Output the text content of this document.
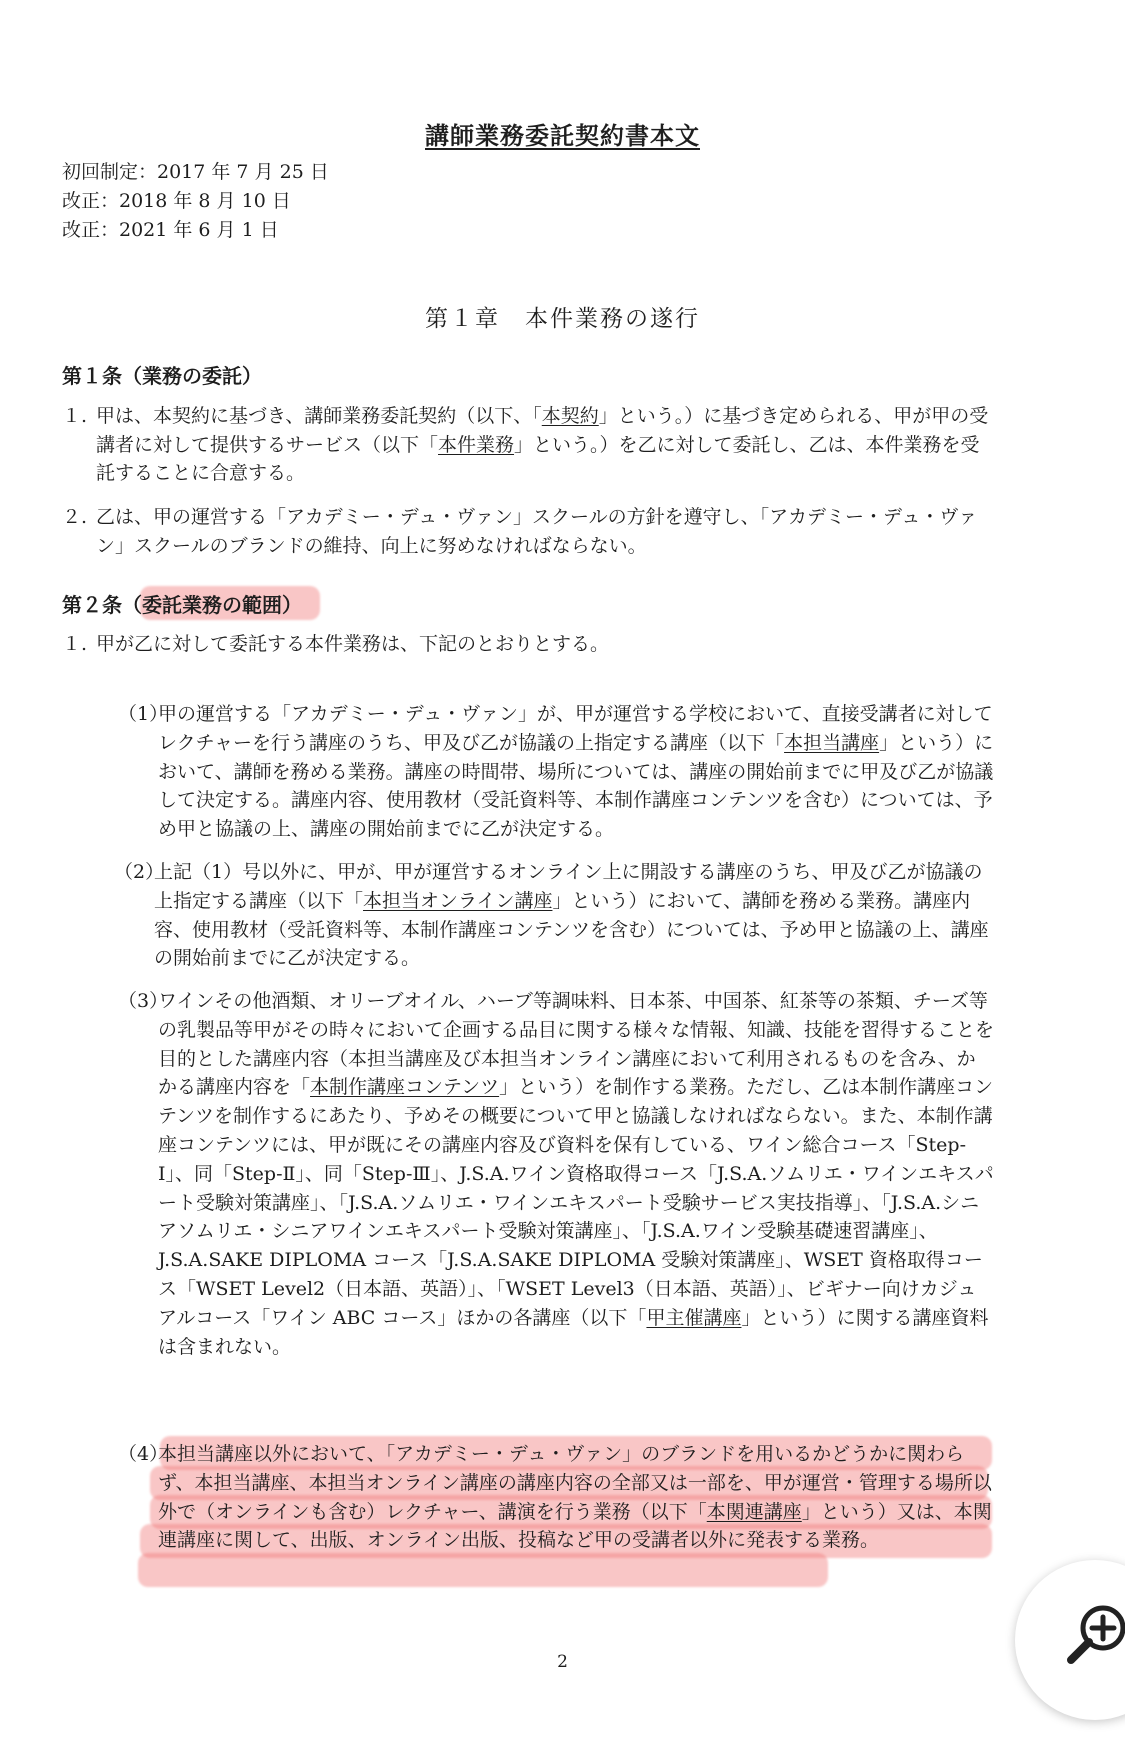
講師業務委託契約書本文
初回制定：2017 年 7 月 25 日
改正：2018 年 8 月 10 日
改正：2021 年 6 月 1 日
第１章　本件業務の遂行
第１条（業務の委託）
１. 甲は、本契約に基づき、講師業務委託契約（以下、「本契約」という。）に基づき定められる、甲が甲の受講者に対して提供するサービス（以下「本件業務」という。）を乙に対して委託し、乙は、本件業務を受託することに合意する。
２. 乙は、甲の運営する「アカデミー・デュ・ヴァン」スクールの方針を遵守し、「アカデミー・デュ・ヴァン」スクールのブランドの維持、向上に努めなければならない。
第２条（委託業務の範囲）
１. 甲が乙に対して委託する本件業務は、下記のとおりとする。
（1）
甲の運営する「アカデミー・デュ・ヴァン」が、甲が運営する学校において、直接受講者に対してレクチャーを行う講座のうち、甲及び乙が協議の上指定する講座（以下「本担当講座」という）において、講師を務める業務。講座の時間帯、場所については、講座の開始前までに甲及び乙が協議して決定する。講座内容、使用教材（受託資料等、本制作講座コンテンツを含む）については、予め甲と協議の上、講座の開始前までに乙が決定する。
（2）
上記（1）号以外に、甲が、甲が運営するオンライン上に開設する講座のうち、甲及び乙が協議の上指定する講座（以下「本担当オンライン講座」という）において、講師を務める業務。講座内容、使用教材（受託資料等、本制作講座コンテンツを含む）については、予め甲と協議の上、講座の開始前までに乙が決定する。
（3）
ワインその他酒類、オリーブオイル、ハーブ等調味料、日本茶、中国茶、紅茶等の茶類、チーズ等の乳製品等甲がその時々において企画する品目に関する様々な情報、知識、技能を習得することを目的とした講座内容（本担当講座及び本担当オンライン講座において利用されるものを含み、かかる講座内容を「本制作講座コンテンツ」という）を制作する業務。ただし、乙は本制作講座コンテンツを制作するにあたり、予めその概要について甲と協議しなければならない。また、本制作講座コンテンツには、甲が既にその講座内容及び資料を保有している、ワイン総合コース「Step-Ⅰ」、同「Step-Ⅱ」、同「Step-Ⅲ」、J.S.A.ワイン資格取得コース「J.S.A.ソムリエ・ワインエキスパート受験対策講座」、「J.S.A.ソムリエ・ワインエキスパート受験サービス実技指導」、「J.S.A.シニアソムリエ・シニアワインエキスパート受験対策講座」、「J.S.A.ワイン受験基礎速習講座」、J.S.A.SAKE DIPLOMA コース「J.S.A.SAKE DIPLOMA 受験対策講座」、WSET 資格取得コース「WSET Level2（日本語、英語）」、「WSET Level3（日本語、英語）」、ビギナー向けカジュアルコース「ワイン ABC コース」ほかの各講座（以下「甲主催講座」という）に関する講座資料は含まれない。
（4）
本担当講座以外において、「アカデミー・デュ・ヴァン」のブランドを用いるかどうかに関わらず、本担当講座、本担当オンライン講座の講座内容の全部又は一部を、甲が運営・管理する場所以外で（オンラインも含む）レクチャー、講演を行う業務（以下「本関連講座」という）又は、本関連講座に関して、出版、オンライン出版、投稿など甲の受講者以外に発表する業務。
2
